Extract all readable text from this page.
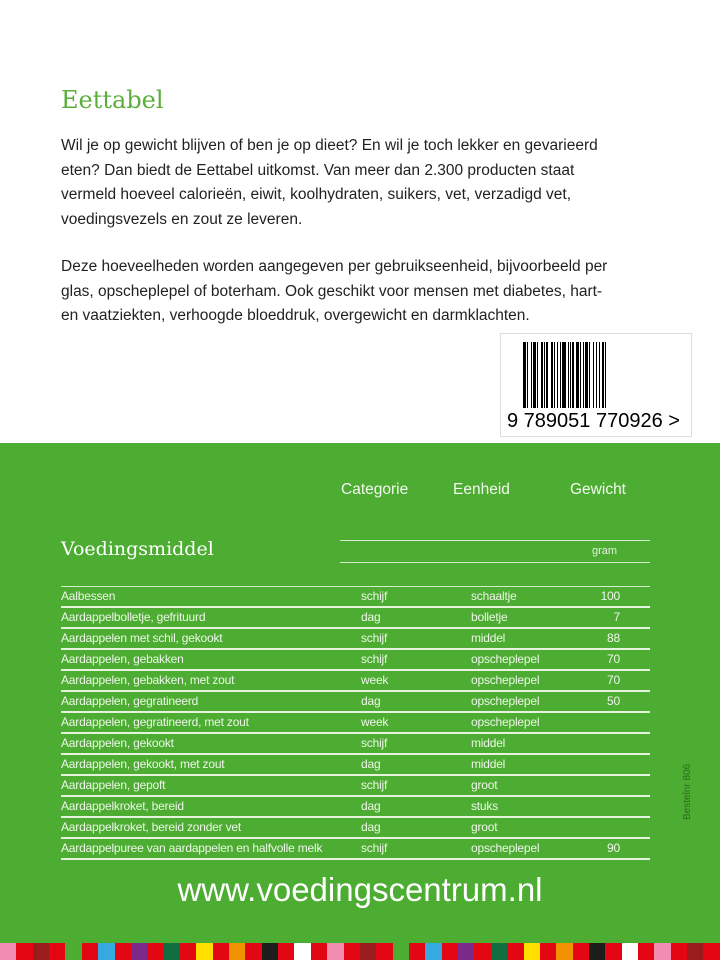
Eettabel

Wil je op gewicht blijven of ben je op dieet? En wil je toch lekker en gevarieerd eten? Dan biedt de Eettabel uitkomst. Van meer dan 2.300 producten staat vermeld hoeveel calorieën, eiwit, koolhydraten, suikers, vet, verzadigd vet, voedingsvezels en zout ze leveren.

Deze hoeveelheden worden aangegeven per gebruikseenheid, bijvoorbeeld per glas, opscheplepel of boterham. Ook geschikt voor mensen met diabetes, hart- en vaatziekten, verhoogde bloeddruk, overgewicht en darmklachten.

Categorie	Eenheid	Gewicht
Voedingsmiddel	gram
Aalbessen	schijf	schaaltje	100
Aardappelbolletje, gefrituurd	dag	bolletje	7
Aardappelen met schil, gekookt	schijf	middel	88
Aardappelen, gebakken	schijf	opscheplepel	70
Aardappelen, gebakken, met zout	week	opscheplepel	70
Aardappelen, gegratineerd	dag	opscheplepel	50
Aardappelen, gegratineerd, met zout	week	opscheplepel
Aardappelen, gekookt	schijf	middel
Aardappelen, gekookt, met zout	dag	middel
Aardappelen, gepoft	schijf	groot
Aardappelkroket, bereid	dag	stuks
Aardappelkroket, bereid zonder vet	dag	groot
Aardappelpuree van aardappelen en halfvolle melk	schijf	opscheplepel	90
9 789051 770926 >
Bestelnr 806
www.voedingscentrum.nl
